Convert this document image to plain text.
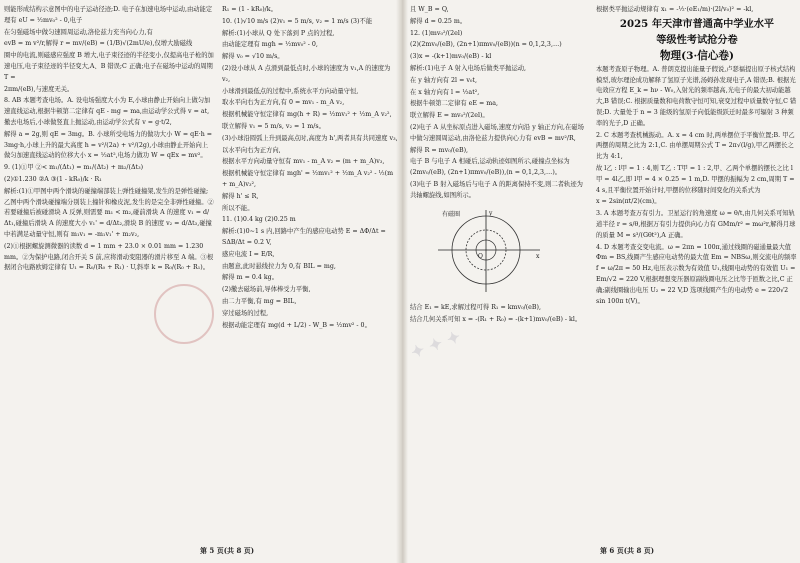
则能形成结构示意图中的电子运动径迹;D. 电子在加速电场中运动,由动能定理有 eU = ½mv₀² - 0,电子

在匀强磁场中做匀速圆周运动,洛伦兹力充当向心力,有

evB = m v²/r,解得 r = mv/(eB) = (1/B)√(2mU/e),仅增大励磁线

圈中的电流,则磁感应强度 B 增大,电子束径迹的半径变小,仅提高电子枪的加速电压,电子束径迹的半径变大,A、B 错误;C 正确;电子在磁场中运动的周期 T =

2πm/(eB),与速度无关。

8. AB 本题考查电场。A. 设电场强度大小为 E,小球由静止开始向上做匀加速直线运动,根据牛顿第二定律有 qE - mg = ma,由运动学公式得 v = at,撤去电场后,小球做竖直上抛运动,由运动学公式有 v = g·t/2,

解得 a = 2g,则 qE = 3mg。B. 小球所受电场力的做功大小 W = qE·h = 3mg·h,小球上升的最大高度 h = v²/(2a) + v²/(2g),小球由静止开始向上做匀加速直线运动的位移大小 x = ½at²,电场力做功 W = qEx = mv²。

9. (1)①甲 ②< m₁/(Δt₁) = m₁/(Δt₂) + m₂/(Δt₃)

(2)①1.230 ②A ③(1 - kR₀)/k · R₁

解析:(1)①甲图中两个滑块的碰撞端部装上弹性碰撞架,发生的是弹性碰撞;乙图中两个滑块碰撞端分别装上撞针和橡皮泥,发生的是完全非弹性碰撞。②若要碰撞后被碰滑块 A 反弹,则需要 m₁ < m₂,碰前滑块 A 的速度 v₁ = d/Δt₁,碰撞后滑块 A 的速度大小 v₁' = d/Δt₂,滑块 B 的速度 v₂ = d/Δt₃,碰撞中若满足动量守恒,则有 m₁v₁ = -m₁v₁' + m₂v₂,

(2)①根据螺旋测微器的读数 d = 1 mm + 23.0 × 0.01 mm = 1.230 mm。②为保护电路,闭合开关 S 前,应将滑动变阻器的滑片移至 A 端。③根据闭合电路欧姆定律有 U₁ = R₀/(R₀ + R₁) · U,斜率 k = R₀/(R₀ + R₁)。

R₁ = (1 - kR₀)/k。

10. (1)√10 m/s (2)v₁ = 5 m/s, v₂ = 1 m/s (3)不能

解析:(1)小球从 Q 处下落到 P 点的过程,

由动能定理有 mgh = ½mv₀² - 0,

解得 v₀ = √10 m/s。

(2)设小球从 A 点滑到最低点时,小球的速度为 v₁,A 的速度为 v₂,

小球滑到最低点的过程中,系统水平方向动量守恒,

取水平向右为正方向,有 0 = mv₁ - m_A v₂,

根据机械能守恒定律有 mg(h + R) = ½mv₁² + ½m_A v₂²,

联立解得 v₁ = 5 m/s, v₂ = 1 m/s。

(3)小球沿圆弧上升到最高点时,高度为 h',两者具有共同速度 v₃,

以水平向右为正方向,

根据水平方向动量守恒有 mv₁ - m_A v₂ = (m + m_A)v₃,

根据机械能守恒定律有 mgh' = ½mv₁² + ½m_A v₂² - ½(m + m_A)v₃²,

解得 h' ≤ R,

所以不能。

11. (1)0.4 kg (2)0.25 m

解析:(1)0~1 s 内,回路中产生的感应电动势 E = ΔΦ/Δt = SΔB/Δt = 0.2 V,

感应电流 I = E/R,

由题意,此时悬线拉力为 0,有 BIL = mg,

解得 m = 0.4 kg。

(2)撤去磁场前,导体棒受力平衡,

由二力平衡,有 mg = BIL,

穿过磁场的过程,

根据动能定理有 mg(d + L/2) - W_B = ½mv² - 0。

✦ ✦ ✦

且 W_B = Q,

解得 d = 0.25 m。

12. (1)mv₀²/(2el)

(2)(2mv₀/(eB), (2n+1)πmv₀/(eB))(n = 0,1,2,3,…)

(3)x = -(k+1)mv₀/(eB) - kl

解析:(1)电子 A 射入电场后做类平抛运动,

在 y 轴方向有 2l = v₀t,

在 x 轴方向有 l = ½at²,

根据牛顿第二定律有 eE = ma,

联立解得 E = mv₀²/(2el)。

(2)电子 A 从坐标原点进入磁场,速度方向沿 y 轴正方向,在磁场中做匀速圆周运动,由洛伦兹力提供向心力有 evB = mv²/R,

解得 R = mv₀/(eB),

电子 B 与电子 A 相碰后,运动轨迹如图所示,碰撞点坐标为 (2mv₀/(eB), (2n+1)πmv₀/(eB)),(n = 0,1,2,3,…)。

(3)电子 B 射入磁场后与电子 A 的距离保持不变,则二者轨迹为共轴螺旋线,如图所示。

有磁圈
x
y
O

结合 E₁ = kE,求解过程可得 R₁ = kmv₀/(eB),

结合几何关系可知 x = -(R₁ + R₀) = -(k+1)mv₀/(eB) - kl。

根据类平抛运动规律有 x₁ = -½·(eE₁/m)·(2l/v₀)² = -kl,

2025 年天津市普通高中学业水平
等级性考试抢分卷
物理(3·信心卷)

本题考查原子物理。A. 普朗克提出能量子假说,卢瑟福提出原子核式结构模型,玻尔理论成功解释了氢原子光谱,汤姆孙发现电子,A 错误;B. 根据光电效应方程 E_k = hν - W₀,入射光的频率越高,光电子的最大初动能越大,B 错误;C. 根据质量数和电荷数守恒可知,衰变过程中质量数守恒,C 错误;D. 大量处于 n = 3 能级的氢原子向低能级跃迁时最多可辐射 3 种频率的光子,D 正确。

2. C 本题考查机械振动。A. x = 4 cm 时,两单摆位于平衡位置;B. 甲乙两摆的周期之比为 2:1,C. 由单摆周期公式 T = 2π√(l/g),甲乙两摆长之比为 4:1,

故 l乙 : l甲 = 1 : 4,则 T乙 : T甲 = 1 : 2,甲、乙两个单摆的摆长之比 l甲 = 4l乙,即 l甲 = 4 × 0.25 = 1 m,D. 甲摆的振幅为 2 cm,周期 T = 4 s,且平衡位置开始计时,甲摆的位移随时间变化的关系式为

x = 2sin(πt/2)(cm)。

3. A 本题考查万有引力。卫星运行的角速度 ω = θ/t,由几何关系可知轨道半径 r = s/θ,根据万有引力提供向心力有 GMm/r² = mω²r,解得月球的质量 M = s³/(Gθt²),A 正确。

4. D 本题考查交变电流。ω = 2πn = 100π,通过线圈的磁通量最大值 Φm = BS,线圈产生感应电动势的最大值 Em = NBSω,则交流电的频率 f = ω/2π = 50 Hz,电压表示数为有效值 U₁,线圈电动势的有效值 U₁ = Em/√2 = 220 V,根据理想变压器原副线圈电压之比等于匝数之比,C 正确;副线圈输出电压 U₂ = 22 V,D 选项线圈产生的电动势 e = 220√2 sin 100π t(V)。

第 5 页(共 8 页)	第 6 页(共 8 页)
